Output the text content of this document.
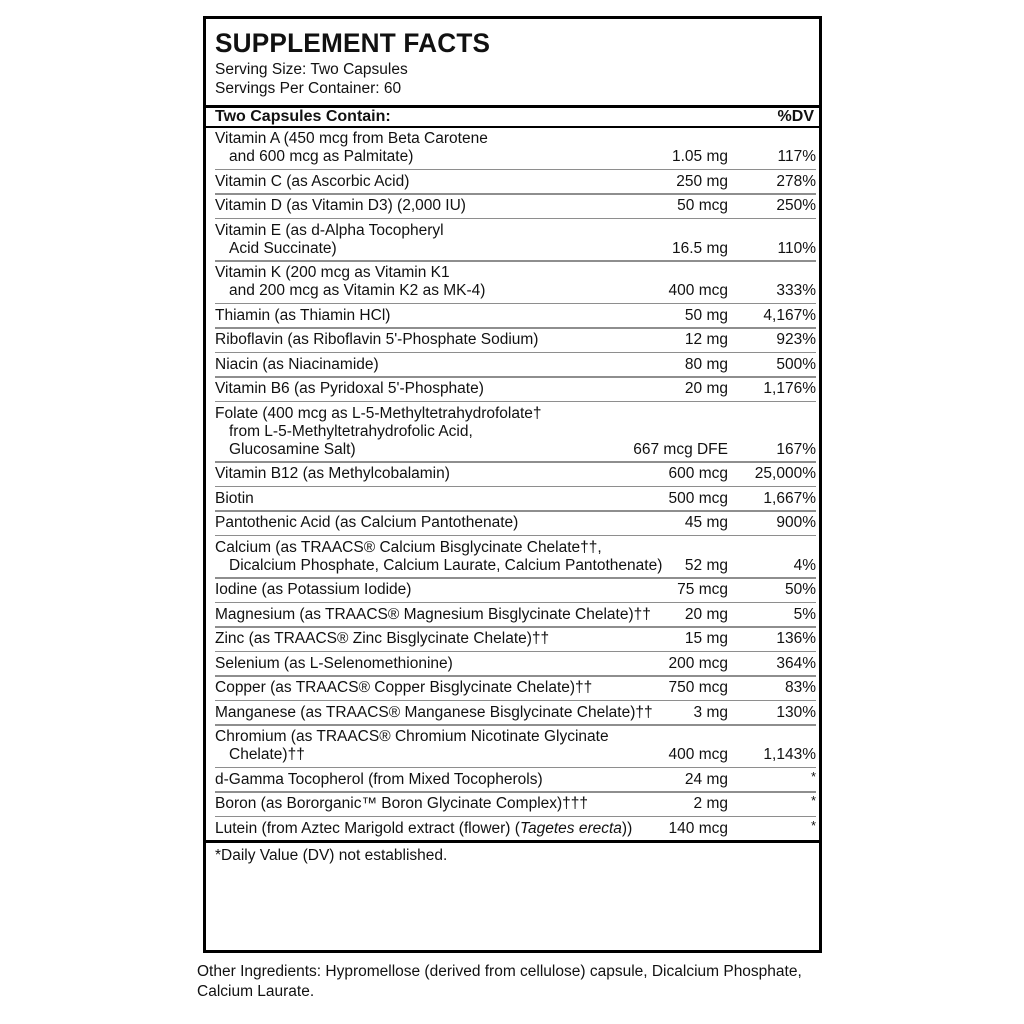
SUPPLEMENT FACTS
Serving Size: Two Capsules
Servings Per Container: 60
Two Capsules Contain:		%DV
Vitamin A (450 mcg from Beta Carotene
and 600 mcg as Palmitate)	1.05 mg	117%

Vitamin C (as Ascorbic Acid)	250 mg	278%

Vitamin D (as Vitamin D3) (2,000 IU)	50 mcg	250%

Vitamin E (as d-Alpha Tocopheryl
Acid Succinate)	16.5 mg	110%

Vitamin K (200 mcg as Vitamin K1
and 200 mcg as Vitamin K2 as MK-4)	400 mcg	333%

Thiamin (as Thiamin HCl)	50 mg	4,167%

Riboflavin (as Riboflavin 5'-Phosphate Sodium)	12 mg	923%

Niacin (as Niacinamide)	80 mg	500%

Vitamin B6 (as Pyridoxal 5'-Phosphate)	20 mg	1,176%

Folate (400 mcg as L-5-Methyltetrahydrofolate†
from L-5-Methyltetrahydrofolic Acid,
Glucosamine Salt)	667 mcg DFE	167%

Vitamin B12 (as Methylcobalamin)	600 mcg	25,000%

Biotin	500 mcg	1,667%

Pantothenic Acid (as Calcium Pantothenate)	45 mg	900%

Calcium (as TRAACS® Calcium Bisglycinate Chelate††,
Dicalcium Phosphate, Calcium Laurate, Calcium Pantothenate)	52 mg	4%

Iodine (as Potassium Iodide)	75 mcg	50%

Magnesium (as TRAACS® Magnesium Bisglycinate Chelate)††	20 mg	5%

Zinc (as TRAACS® Zinc Bisglycinate Chelate)††	15 mg	136%

Selenium (as L-Selenomethionine)	200 mcg	364%

Copper (as TRAACS® Copper Bisglycinate Chelate)††	750 mcg	83%

Manganese (as TRAACS® Manganese Bisglycinate Chelate)††	3 mg	130%

Chromium (as TRAACS® Chromium Nicotinate Glycinate
Chelate)††	400 mcg	1,143%

d-Gamma Tocopherol (from Mixed Tocopherols)	24 mg	*

Boron (as Bororganic™ Boron Glycinate Complex)†††	2 mg	*

Lutein (from Aztec Marigold extract (flower) (Tagetes erecta))	140 mcg	*
*Daily Value (DV) not established.
Other Ingredients: Hypromellose (derived from cellulose) capsule, Dicalcium Phosphate,
Calcium Laurate.
